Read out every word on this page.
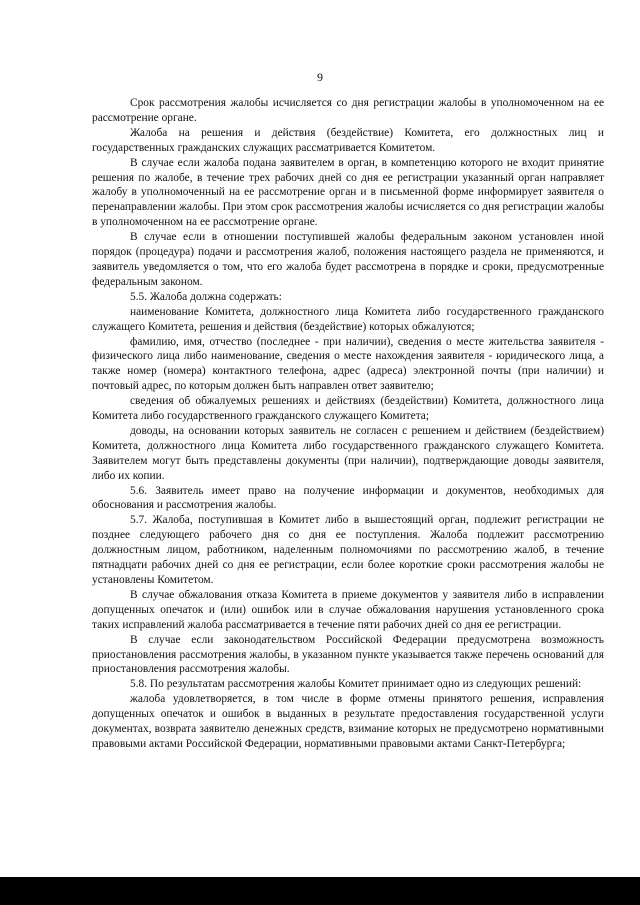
9

Срок рассмотрения жалобы исчисляется со дня регистрации жалобы в уполномоченном на ее рассмотрение органе.

Жалоба на решения и действия (бездействие) Комитета, его должностных лиц и государственных гражданских служащих рассматривается Комитетом.

В случае если жалоба подана заявителем в орган, в компетенцию которого не входит принятие решения по жалобе, в течение трех рабочих дней со дня ее регистрации указанный орган направляет жалобу в уполномоченный на ее рассмотрение орган и в письменной форме информирует заявителя о перенаправлении жалобы. При этом срок рассмотрения жалобы исчисляется со дня регистрации жалобы в уполномоченном на ее рассмотрение органе.

В случае если в отношении поступившей жалобы федеральным законом установлен иной порядок (процедура) подачи и рассмотрения жалоб, положения настоящего раздела не применяются, и заявитель уведомляется о том, что его жалоба будет рассмотрена в порядке и сроки, предусмотренные федеральным законом.

5.5. Жалоба должна содержать:

наименование Комитета, должностного лица Комитета либо государственного гражданского служащего Комитета, решения и действия (бездействие) которых обжалуются;

фамилию, имя, отчество (последнее - при наличии), сведения о месте жительства заявителя - физического лица либо наименование, сведения о месте нахождения заявителя - юридического лица, а также номер (номера) контактного телефона, адрес (адреса) электронной почты (при наличии) и почтовый адрес, по которым должен быть направлен ответ заявителю;

сведения об обжалуемых решениях и действиях (бездействии) Комитета, должностного лица Комитета либо государственного гражданского служащего Комитета;

доводы, на основании которых заявитель не согласен с решением и действием (бездействием) Комитета, должностного лица Комитета либо государственного гражданского служащего Комитета. Заявителем могут быть представлены документы (при наличии), подтверждающие доводы заявителя, либо их копии.

5.6. Заявитель имеет право на получение информации и документов, необходимых для обоснования и рассмотрения жалобы.

5.7. Жалоба, поступившая в Комитет либо в вышестоящий орган, подлежит регистрации не позднее следующего рабочего дня со дня ее поступления. Жалоба подлежит рассмотрению должностным лицом, работником, наделенным полномочиями по рассмотрению жалоб, в течение пятнадцати рабочих дней со дня ее регистрации, если более короткие сроки рассмотрения жалобы не установлены Комитетом.

В случае обжалования отказа Комитета в приеме документов у заявителя либо в исправлении допущенных опечаток и (или) ошибок или в случае обжалования нарушения установленного срока таких исправлений жалоба рассматривается в течение пяти рабочих дней со дня ее регистрации.

В случае если законодательством Российской Федерации предусмотрена возможность приостановления рассмотрения жалобы, в указанном пункте указывается также перечень оснований для приостановления рассмотрения жалобы.

5.8. По результатам рассмотрения жалобы Комитет принимает одно из следующих решений:

жалоба удовлетворяется, в том числе в форме отмены принятого решения, исправления допущенных опечаток и ошибок в выданных в результате предоставления государственной услуги документах, возврата заявителю денежных средств, взимание которых не предусмотрено нормативными правовыми актами Российской Федерации, нормативными правовыми актами Санкт-Петербурга;
